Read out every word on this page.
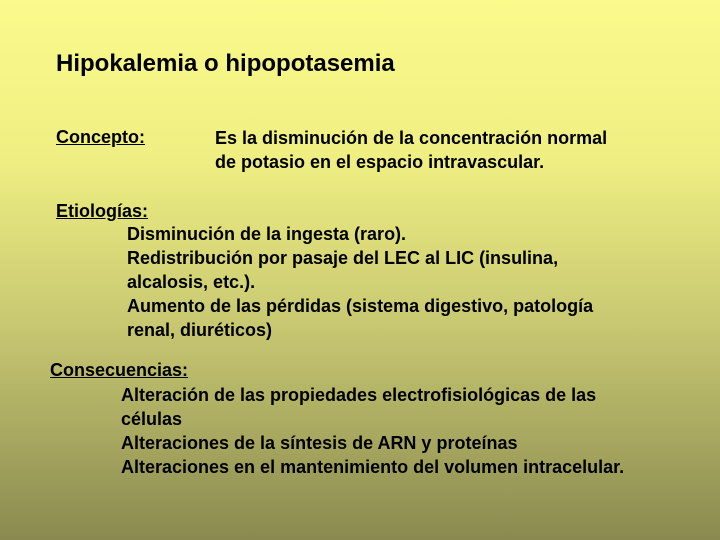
Hipokalemia o hipopotasemia
Concepto:	Es la disminución de la concentración normal
de potasio en el espacio intravascular.
Etiologías:
Disminución de la ingesta (raro).
Redistribución por pasaje del LEC al LIC (insulina,
alcalosis, etc.).
Aumento de las pérdidas (sistema digestivo, patología
renal, diuréticos)
Consecuencias:
Alteración de las propiedades electrofisiológicas de las
células
Alteraciones de la síntesis de ARN y proteínas
Alteraciones en el mantenimiento del volumen intracelular.
